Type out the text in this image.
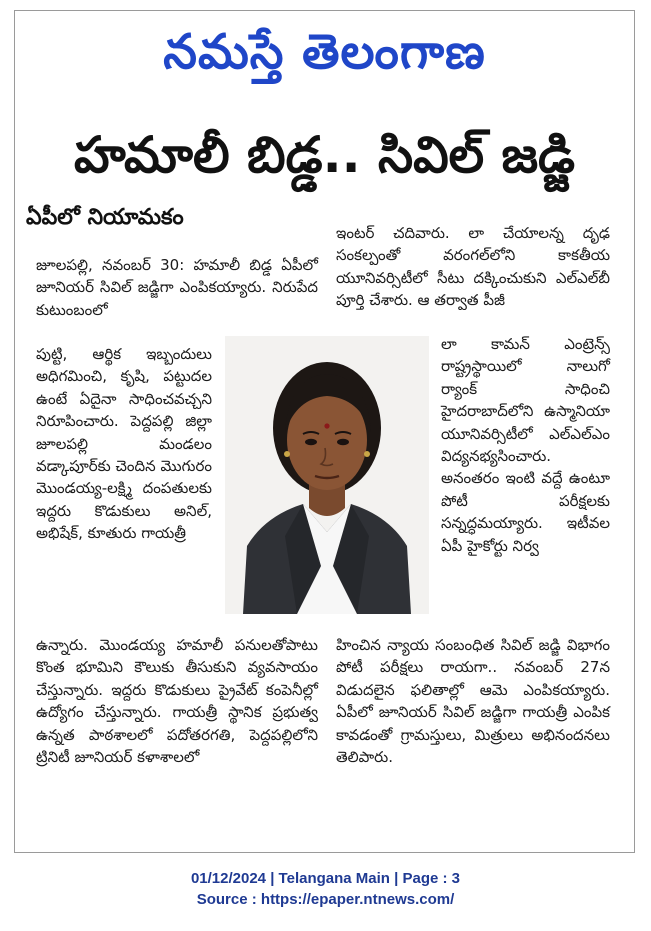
నమస్తే తెలంగాణ
హమాలీ బిడ్డ.. సివిల్ జడ్జి
ఏపీలో నియామకం

జూలపల్లి, నవంబర్ 30: హమాలీ బిడ్డ ఏపీలో జూనియర్ సివిల్ జడ్జిగా ఎంపికయ్యారు. నిరుపేద కుటుంబంలో

పుట్టి, ఆర్థిక ఇబ్బందులు అధిగమించి, కృషి, పట్టుదల ఉంటే ఏదైనా సాధించవచ్చని నిరూపించారు. పెద్దపల్లి జిల్లా జూలపల్లి మండలం వడ్కాపూర్‌కు చెందిన మొగురం మొండయ్య-లక్ష్మి దంపతులకు ఇద్దరు కొడుకులు అనిల్, అభిషేక్, కూతురు గాయత్రీ

ఇంటర్ చదివారు. లా చేయాలన్న దృఢ సంకల్పంతో వరంగల్‌లోని కాకతీయ యూనివర్సిటీలో సీటు దక్కించుకుని ఎల్ఎల్‌బీ పూర్తి చేశారు. ఆ తర్వాత పీజీ

లా కామన్ ఎంట్రెన్స్ రాష్ట్రస్థాయిలో నాలుగో ర్యాంక్ సాధించి హైదరాబాద్‌లోని ఉస్మానియా యూనివర్సిటీలో ఎల్ఎల్ఎం విద్యనభ్యసించారు. అనంతరం ఇంటి వద్దే ఉంటూ పోటీ పరీక్షలకు సన్నద్ధమయ్యారు. ఇటీవల ఏపీ హైకోర్టు నిర్వ

ఉన్నారు. మొండయ్య హమాలీ పనులతోపాటు కొంత భూమిని కౌలుకు తీసుకుని వ్యవసాయం చేస్తున్నారు. ఇద్దరు కొడుకులు ప్రైవేట్ కంపెనీల్లో ఉద్యోగం చేస్తున్నారు. గాయత్రీ స్థానిక ప్రభుత్వ ఉన్నత పాఠశాలలో పదోతరగతి, పెద్దపల్లిలోని ట్రినిటీ జూనియర్ కళాశాలలో

హించిన న్యాయ సంబంధిత సివిల్ జడ్జి విభాగం పోటీ పరీక్షలు రాయగా.. నవంబర్ 27న విడుదలైన ఫలితాల్లో ఆమె ఎంపికయ్యారు. ఏపీలో జూనియర్ సివిల్ జడ్జిగా గాయత్రీ ఎంపిక కావడంతో గ్రామస్తులు, మిత్రులు అభినందనలు తెలిపారు.

01/12/2024 | Telangana Main | Page : 3
Source : https://epaper.ntnews.com/
